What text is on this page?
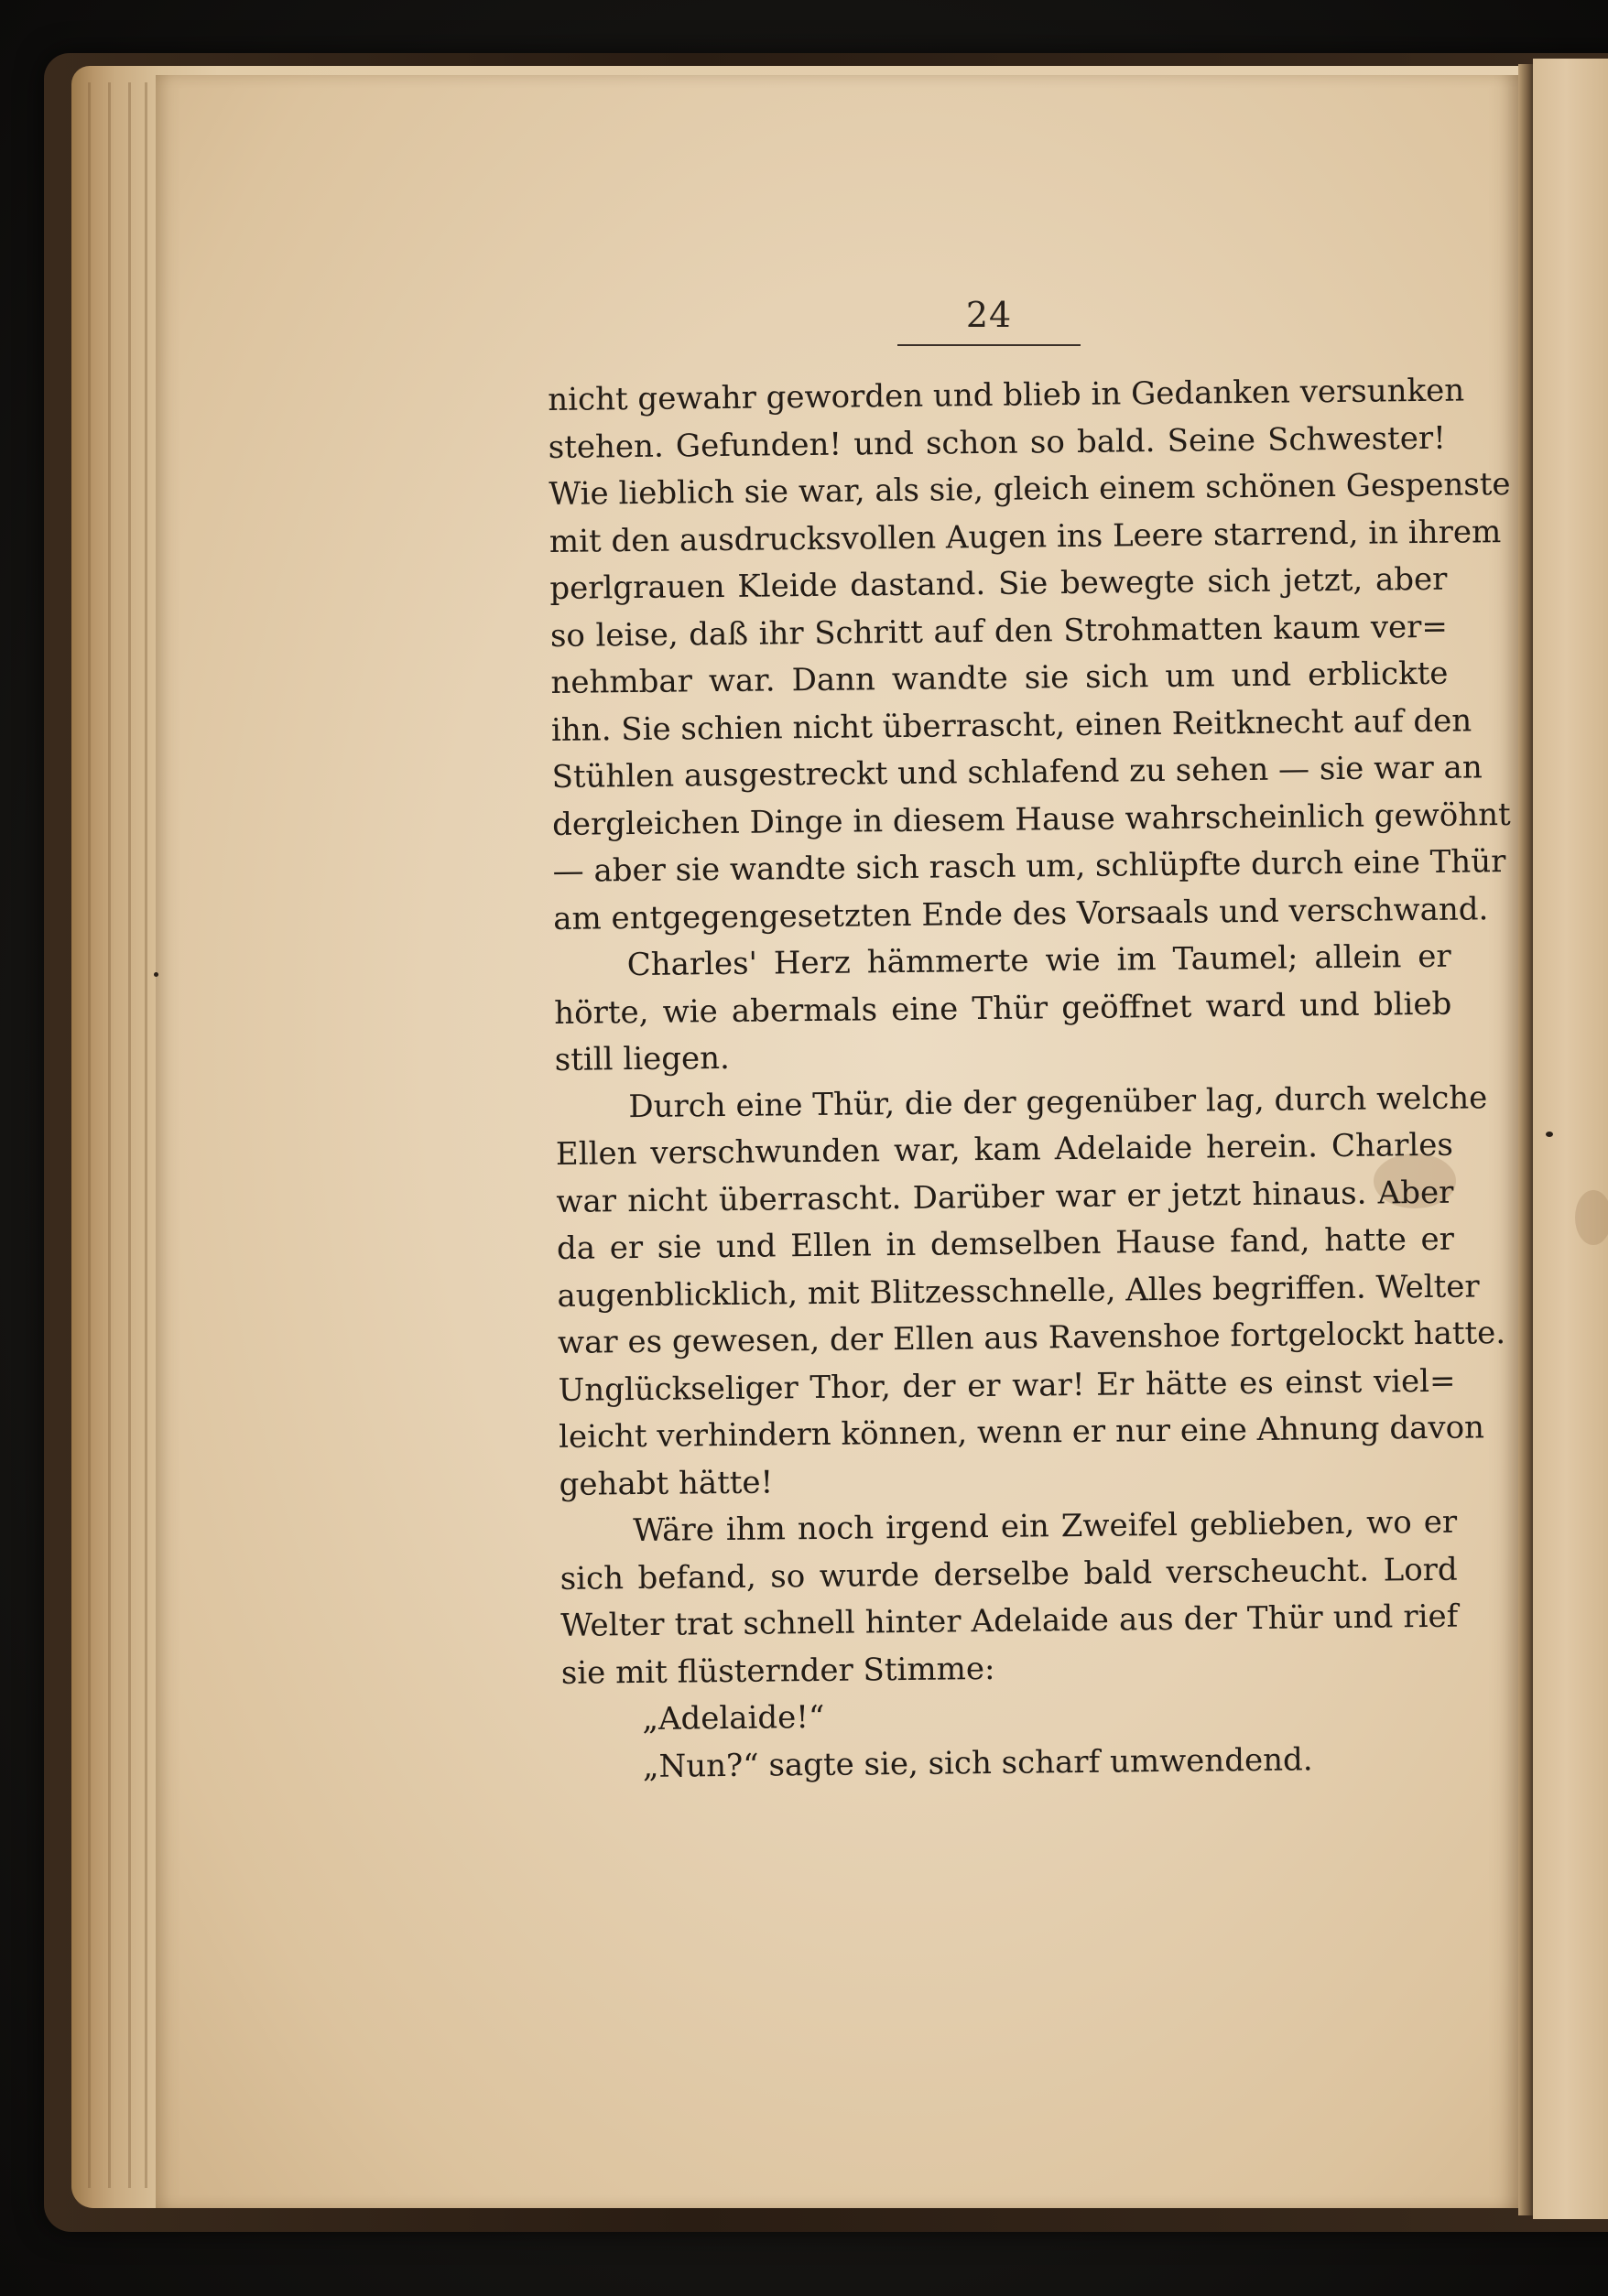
24
nicht gewahr geworden und blieb in Gedanken versunken
stehen. Gefunden! und schon so bald. Seine Schwester!
Wie lieblich sie war, als sie, gleich einem schönen Gespenste
mit den ausdrucksvollen Augen ins Leere starrend, in ihrem
perlgrauen Kleide dastand. Sie bewegte sich jetzt, aber
so leise, daß ihr Schritt auf den Strohmatten kaum ver=
nehmbar war. Dann wandte sie sich um und erblickte
ihn. Sie schien nicht überrascht, einen Reitknecht auf den
Stühlen ausgestreckt und schlafend zu sehen — sie war an
dergleichen Dinge in diesem Hause wahrscheinlich gewöhnt
— aber sie wandte sich rasch um, schlüpfte durch eine Thür
am entgegengesetzten Ende des Vorsaals und verschwand.
Charles' Herz hämmerte wie im Taumel; allein er
hörte, wie abermals eine Thür geöffnet ward und blieb
still liegen.
Durch eine Thür, die der gegenüber lag, durch welche
Ellen verschwunden war, kam Adelaide herein. Charles
war nicht überrascht. Darüber war er jetzt hinaus. Aber
da er sie und Ellen in demselben Hause fand, hatte er
augenblicklich, mit Blitzesschnelle, Alles begriffen. Welter
war es gewesen, der Ellen aus Ravenshoe fortgelockt hatte.
Unglückseliger Thor, der er war! Er hätte es einst viel=
leicht verhindern können, wenn er nur eine Ahnung davon
gehabt hätte!
Wäre ihm noch irgend ein Zweifel geblieben, wo er
sich befand, so wurde derselbe bald verscheucht. Lord
Welter trat schnell hinter Adelaide aus der Thür und rief
sie mit flüsternder Stimme:
„Adelaide!“
„Nun?“ sagte sie, sich scharf umwendend.
